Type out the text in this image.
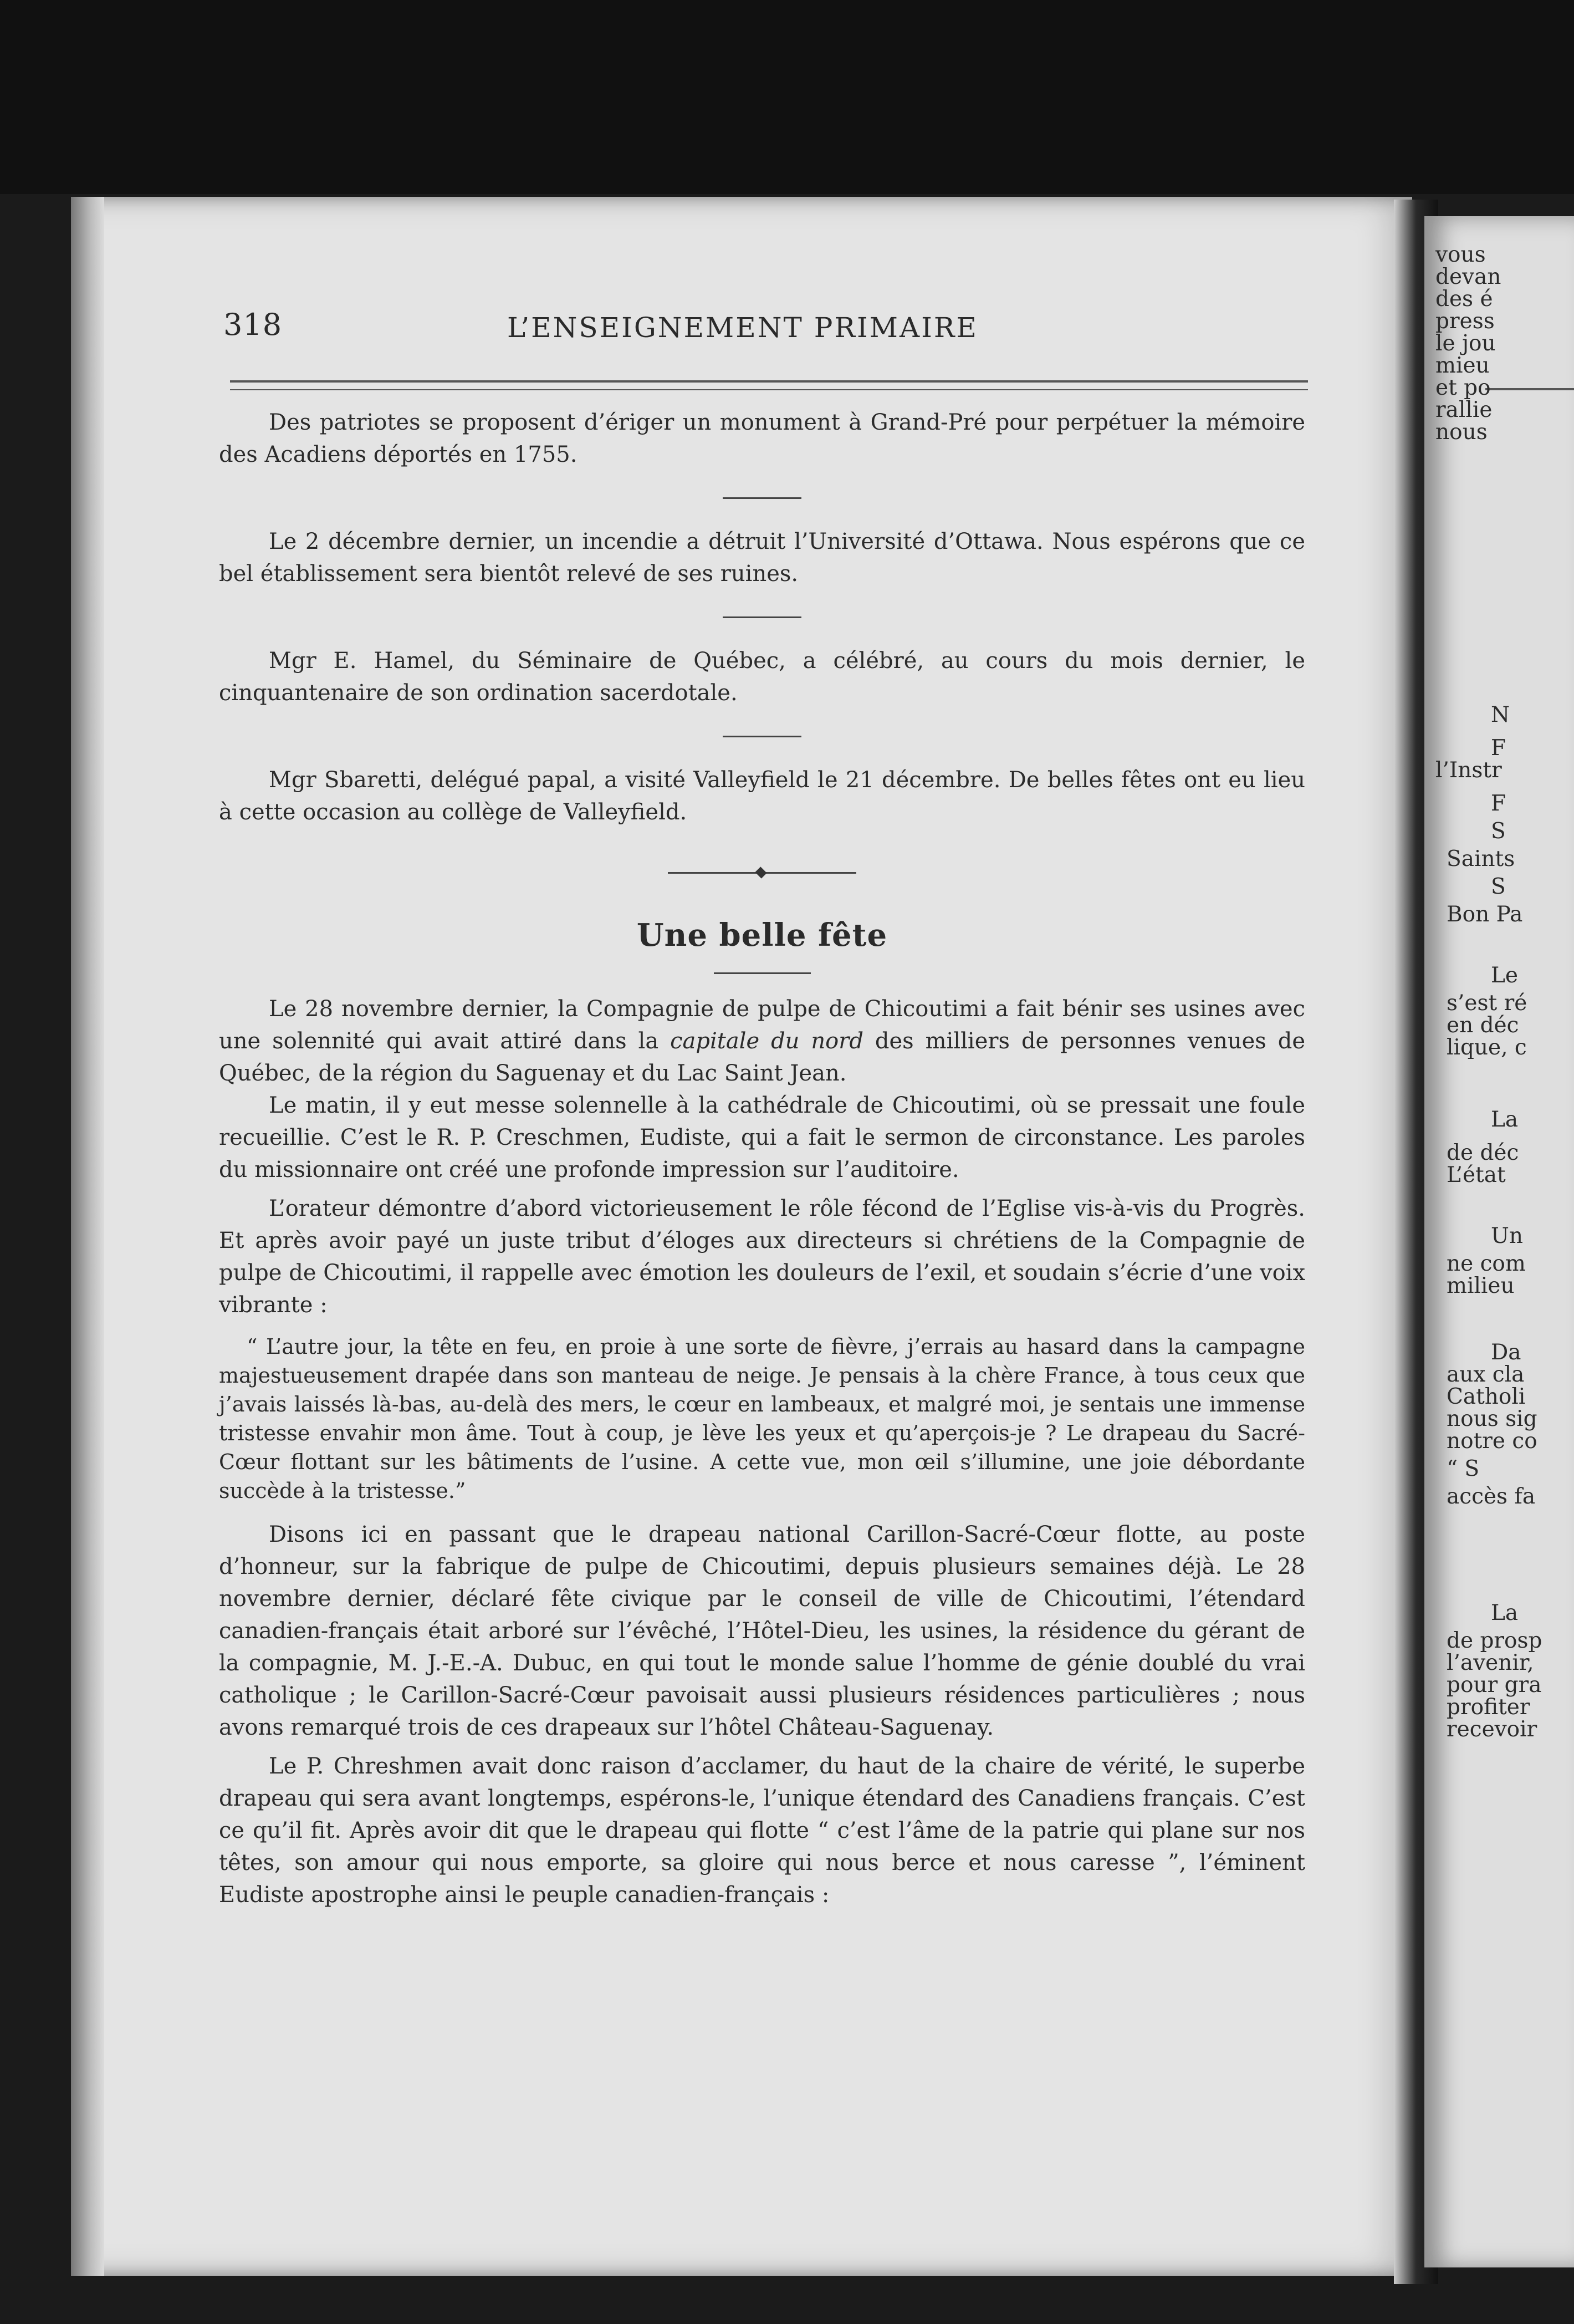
vous
devan
des é
press
le jou
mieu
et po
rallie
nous
N
F
l’Instr
F
S
Saints
S
Bon Pa
Le
s’est ré
en déc
lique, c
La
de déc
L’état
Un
ne com
milieu
Da
aux cla
Catholi
nous sig
notre co
“ S
accès fa
La
de prosp
l’avenir,
pour gra
profiter
recevoir
318	L’ENSEIGNEMENT PRIMAIRE

Des patriotes se proposent d’ériger un monument à Grand-Pré pour perpétuer la mémoire des Acadiens déportés en 1755.

Le 2 décembre dernier, un incendie a détruit l’Université d’Ottawa. Nous espérons que ce bel établissement sera bientôt relevé de ses ruines.

Mgr E. Hamel, du Séminaire de Québec, a célébré, au cours du mois dernier, le cinquantenaire de son ordination sacerdotale.

Mgr Sbaretti, delégué papal, a visité Valleyfield le 21 décembre. De belles fêtes ont eu lieu à cette occasion au collège de Valleyfield.

Une belle fête

Le 28 novembre dernier, la Compagnie de pulpe de Chicoutimi a fait bénir ses usines avec une solennité qui avait attiré dans la capitale du nord des milliers de personnes venues de Québec, de la région du Saguenay et du Lac Saint Jean.

Le matin, il y eut messe solennelle à la cathédrale de Chicoutimi, où se pressait une foule recueillie. C’est le R. P. Creschmen, Eudiste, qui a fait le sermon de circonstance. Les paroles du missionnaire ont créé une profonde impression sur l’auditoire.

L’orateur démontre d’abord victorieusement le rôle fécond de l’Eglise vis-à-vis du Progrès. Et après avoir payé un juste tribut d’éloges aux directeurs si chrétiens de la Compagnie de pulpe de Chicoutimi, il rappelle avec émotion les douleurs de l’exil, et soudain s’écrie d’une voix vibrante :

“ L’autre jour, la tête en feu, en proie à une sorte de fièvre, j’errais au hasard dans la campagne majestueusement drapée dans son manteau de neige. Je pensais à la chère France, à tous ceux que j’avais laissés là-bas, au-delà des mers, le cœur en lambeaux, et malgré moi, je sentais une immense tristesse envahir mon âme. Tout à coup, je lève les yeux et qu’aperçois-je ? Le drapeau du Sacré-Cœur flottant sur les bâtiments de l’usine. A cette vue, mon œil s’illumine, une joie débordante succède à la tristesse.”

Disons ici en passant que le drapeau national Carillon-Sacré-Cœur flotte, au poste d’honneur, sur la fabrique de pulpe de Chicoutimi, depuis plusieurs semaines déjà. Le 28 novembre dernier, déclaré fête civique par le conseil de ville de Chicoutimi, l’étendard canadien-français était arboré sur l’évêché, l’Hôtel-Dieu, les usines, la résidence du gérant de la compagnie, M. J.-E.-A. Dubuc, en qui tout le monde salue l’homme de génie doublé du vrai catholique ; le Carillon-Sacré-Cœur pavoisait aussi plusieurs résidences particulières ; nous avons remarqué trois de ces drapeaux sur l’hôtel Château-Saguenay.

Le P. Chreshmen avait donc raison d’acclamer, du haut de la chaire de vérité, le superbe drapeau qui sera avant longtemps, espérons-le, l’unique étendard des Canadiens français. C’est ce qu’il fit. Après avoir dit que le drapeau qui flotte “ c’est l’âme de la patrie qui plane sur nos têtes, son amour qui nous emporte, sa gloire qui nous berce et nous caresse ”, l’éminent Eudiste apostrophe ainsi le peuple canadien-français :
